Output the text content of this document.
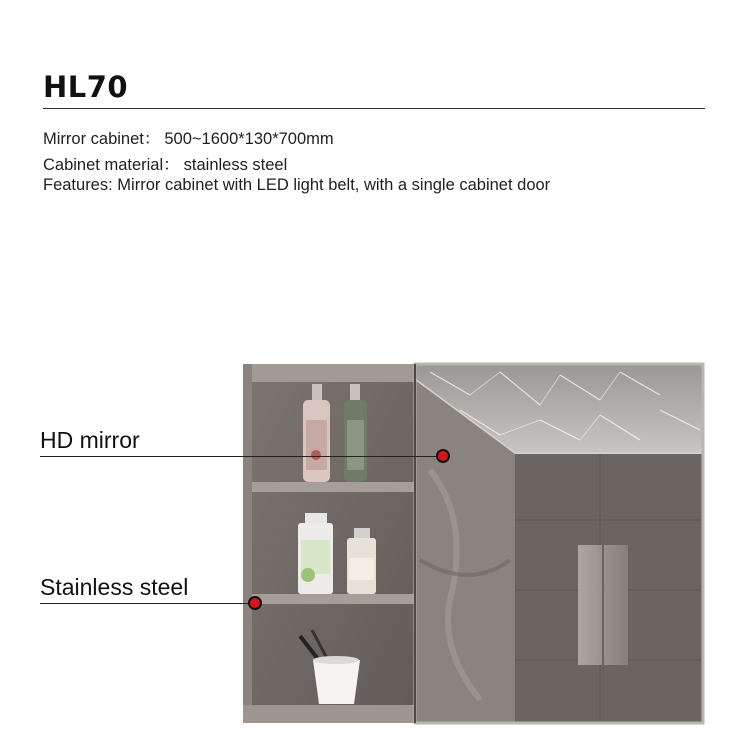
HL70
Mirror cabinet： 500~1600*130*700mm
Cabinet material： stainless steel
Features: Mirror cabinet with LED light belt, with a single cabinet door
HD mirror
Stainless steel
